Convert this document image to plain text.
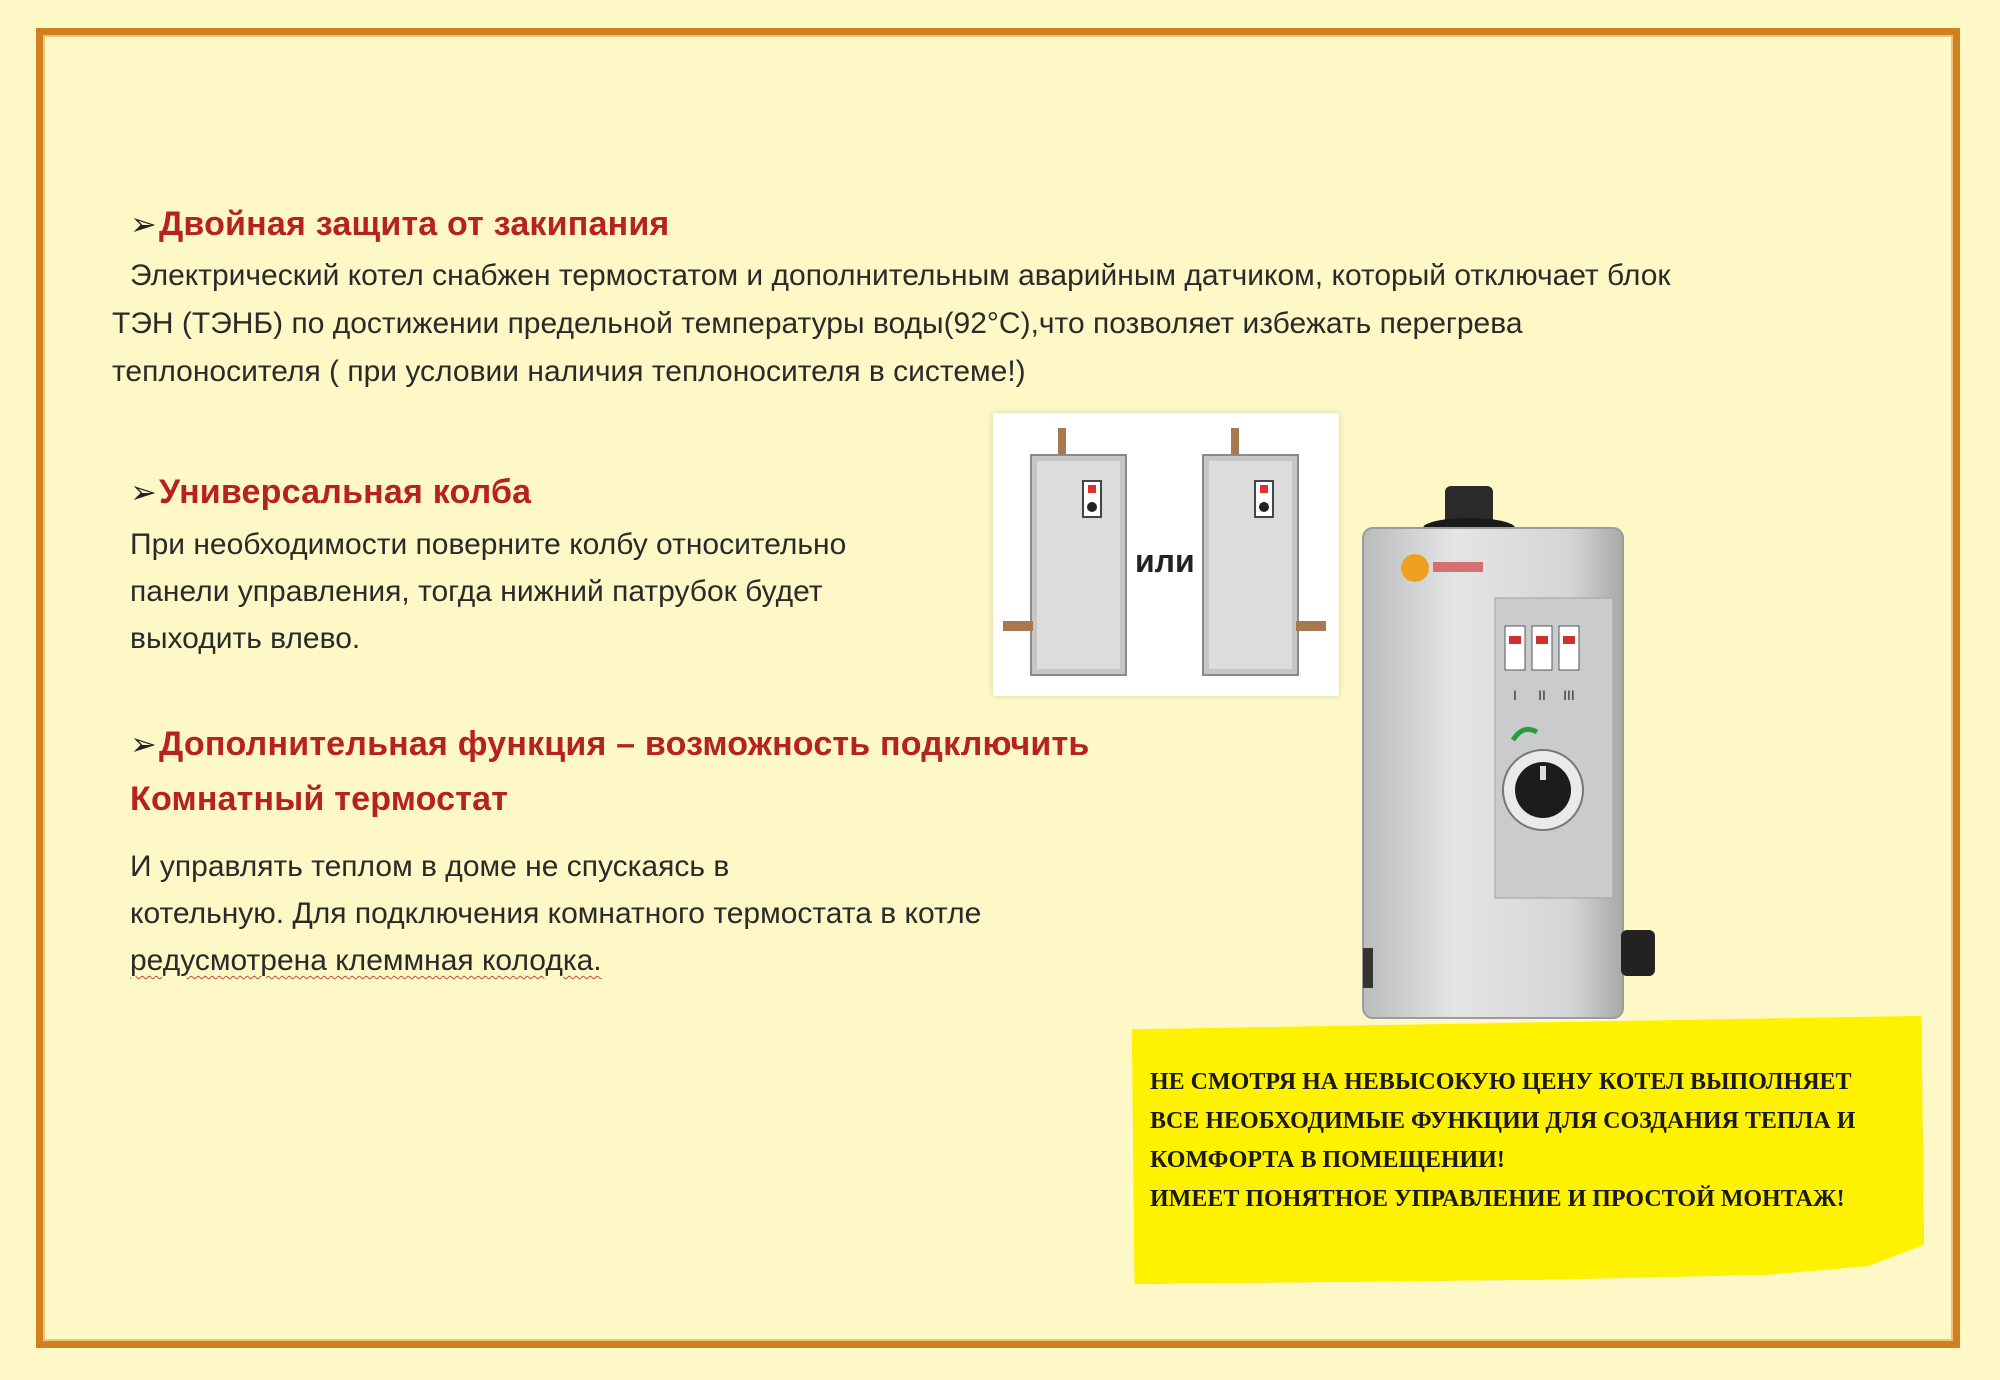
➢Двойная защита от закипания
Электрический котел снабжен термостатом и дополнительным аварийным датчиком, который отключает блок
ТЭН (ТЭНБ) по достижении предельной температуры воды(92°С),что позволяет избежать перегрева
теплоносителя ( при условии наличия теплоносителя в системе!)
➢Универсальная колба
При необходимости поверните колбу относительно
панели управления, тогда нижний патрубок будет
выходить влево.
или
➢Дополнительная функция – возможность подключить
Комнатный термостат
И управлять теплом в доме не спускаясь в
котельную. Для подключения комнатного термостата в котле
редусмотрена клеммная колодка.
I II III
НЕ СМОТРЯ НА НЕВЫСОКУЮ ЦЕНУ КОТЕЛ ВЫПОЛНЯЕТ
ВСЕ НЕОБХОДИМЫЕ ФУНКЦИИ ДЛЯ СОЗДАНИЯ ТЕПЛА И
КОМФОРТА В ПОМЕЩЕНИИ!
ИМЕЕТ ПОНЯТНОЕ УПРАВЛЕНИЕ И ПРОСТОЙ МОНТАЖ!
